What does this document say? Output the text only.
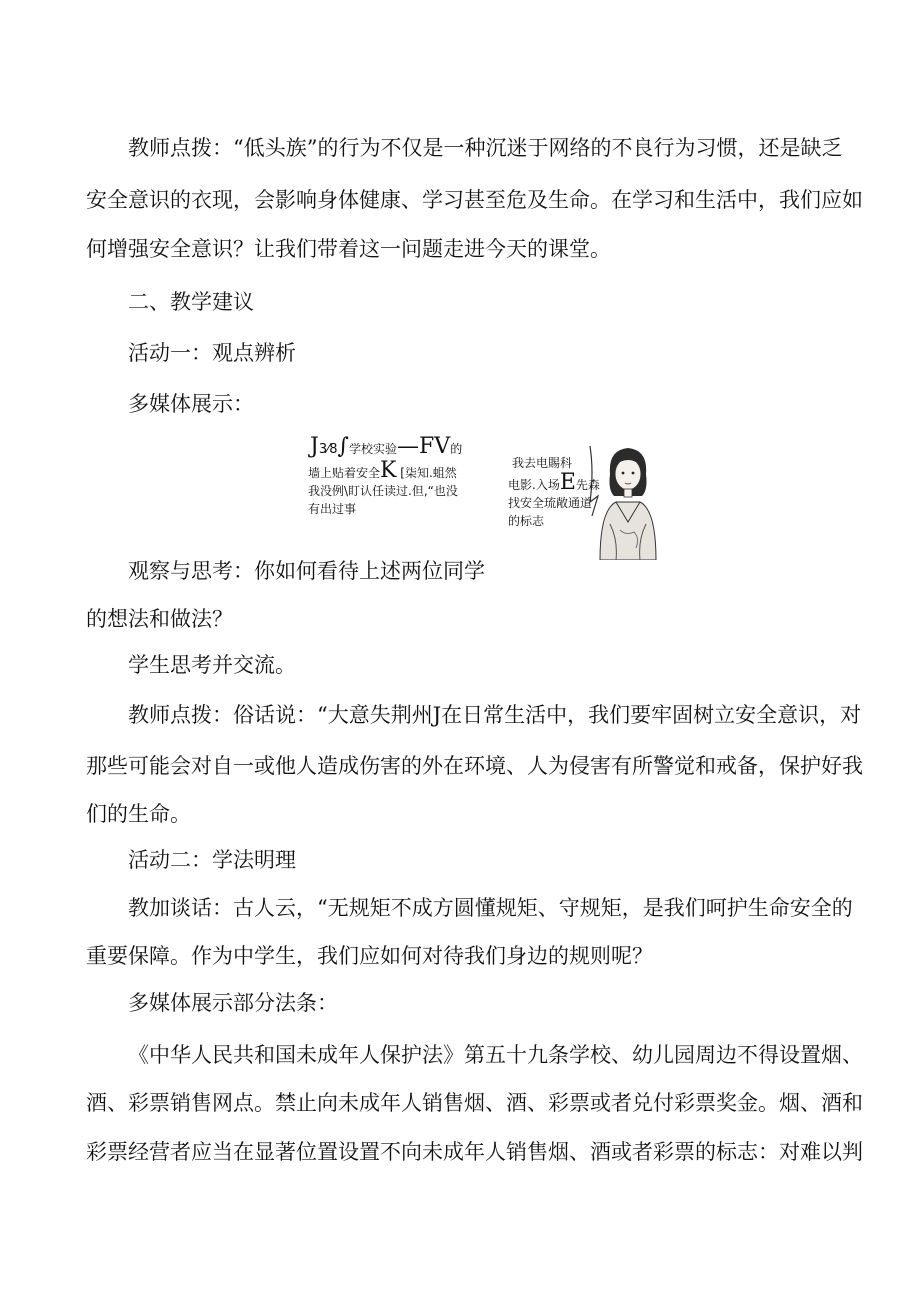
教师点拨：“低头族”的行为不仅是一种沉迷于网络的不良行为习惯，还是缺乏
安全意识的衣现，会影响身体健康、学习甚至危及生命。在学习和生活中，我们应如
何增强安全意识？让我们带着这一问题走进今天的课堂。
二、教学建议
活动一：观点辨析
多媒体展示：
J3⁄8∫学校实验—FV的
墙上贴着安全K [柒知.蛆然
我没例\盯认任读过.但,“也没
有出过事
我去电賜科
电影.入场E先森
找安全琉敞通道
的标志
观察与思考：你如何看待上述两位同学
的想法和做法？
学生思考并交流。
教师点拨：俗话说：“大意失荆州J在日常生活中，我们要牢固树立安全意识，对
那些可能会对自一或他人造成伤害的外在环境、人为侵害有所警觉和戒备，保护好我
们的生命。
活动二：学法明理
教加谈话：古人云，“无规矩不成方圆懂规矩、守规矩，是我们呵护生命安全的
重要保障。作为中学生，我们应如何对待我们身边的规则呢？
多媒体展示部分法条：
《中华人民共和国未成年人保护法》第五十九条学校、幼儿园周边不得设置烟、
酒、彩票销售网点。禁止向未成年人销售烟、酒、彩票或者兑付彩票奖金。烟、酒和
彩票经营者应当在显著位置设置不向未成年人销售烟、酒或者彩票的标志：对难以判
